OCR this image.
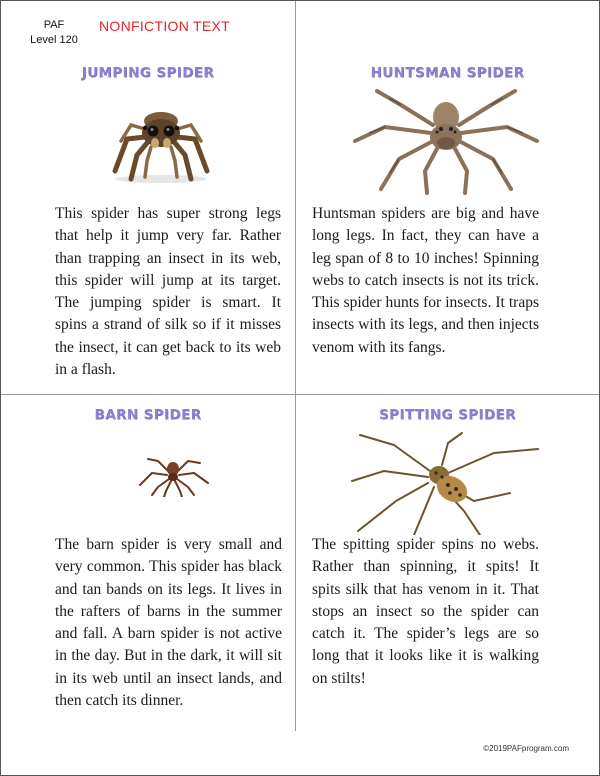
PAF
Level 120
NONFICTION TEXT
JUMPING SPIDER

This spider has super strong legs that help it jump very far. Rather than trapping an insect in its web, this spider will jump at its target. The jumping spider is smart. It spins a strand of silk so if it misses the insect, it can get back to its web in a flash.

HUNTSMAN SPIDER

Huntsman spiders are big and have long legs. In fact, they can have a leg span of 8 to 10 inches! Spinning webs to catch insects is not its trick. This spider hunts for insects. It traps insects with its legs, and then injects venom with its fangs.

BARN SPIDER

The barn spider is very small and very common. This spider has black and tan bands on its legs. It lives in the rafters of barns in the summer and fall. A barn spider is not active in the day. But in the dark, it will sit in its web until an insect lands, and then catch its dinner.

SPITTING SPIDER

The spitting spider spins no webs. Rather than spinning, it spits! It spits silk that has venom in it. That stops an insect so the spider can catch it. The spider’s legs are so long that it looks like it is walking on stilts!

©2019PAFprogram.com
